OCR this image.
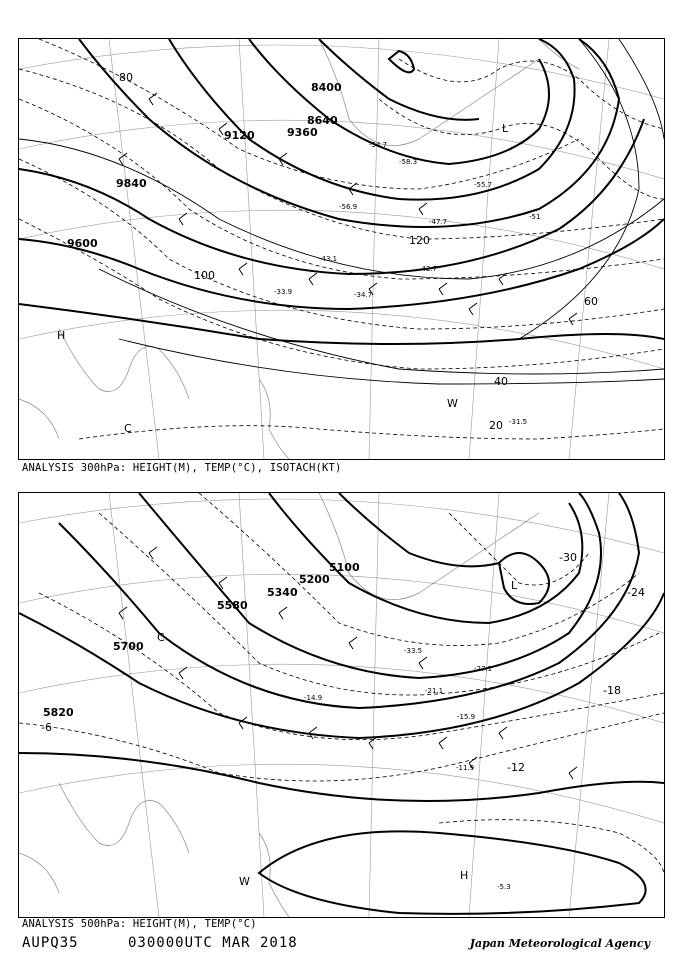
9600
9840
9120	9360
8640
8400
80
120
100
60
40
20 -31.5
-34.7
-33.9
-43.1
-42.7
-55.7
-56.9
-51
-47.7
-58.3
-54.7
H
C
L
W
ANALYSIS 300hPa: HEIGHT(M), TEMP(°C), ISOTACH(KT)
5700
5820
5580
5100
5200
5340
-6
-12
-18
-24
-30
-11.9
-14.9
-5.3
-27.1
-33.5
-21.1
-15.9
H
L
C
W
ANALYSIS 500hPa: HEIGHT(M), TEMP(°C)
AUPQ35	030000UTC MAR 2018	Japan Meteorological Agency
